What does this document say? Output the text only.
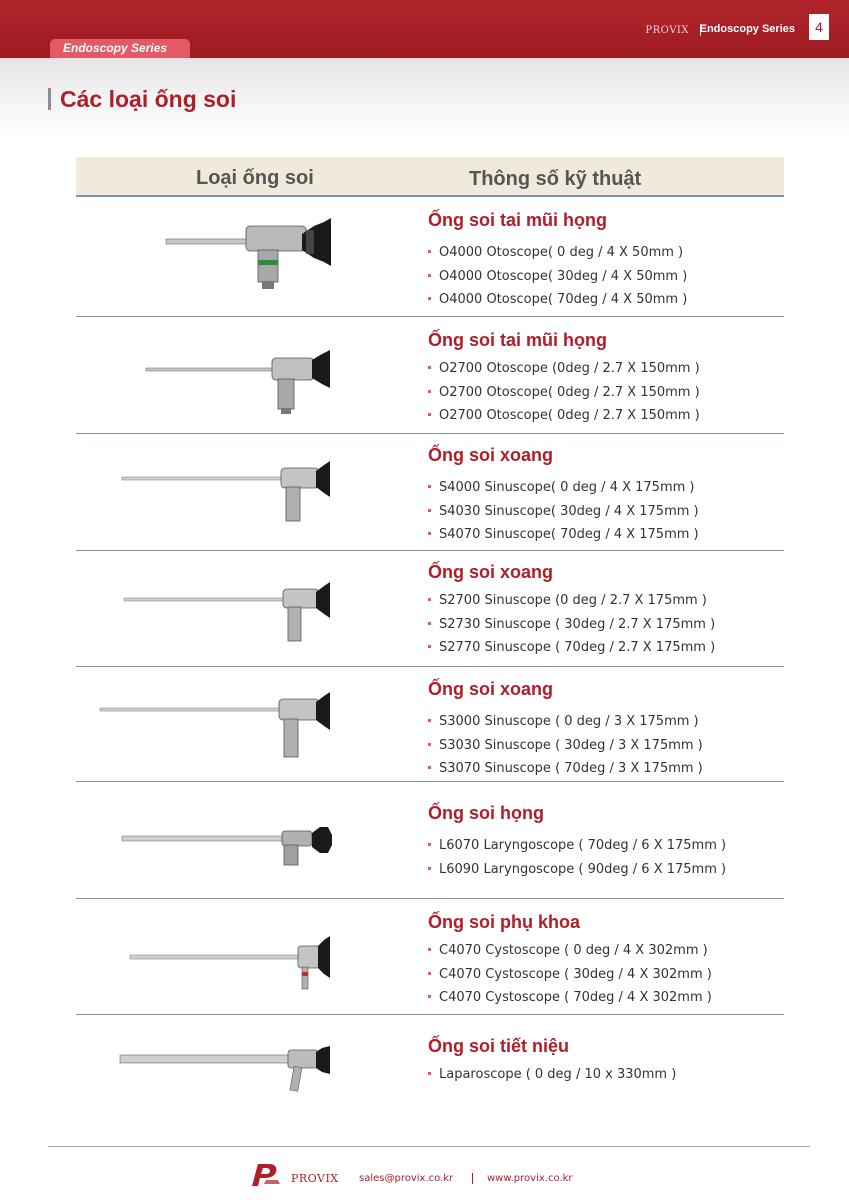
PROVIX Endoscopy Series	4
Endoscopy Series
Các loại ống soi
Loại ống soi	Thông số kỹ thuật
Ống soi tai mũi họng
O4000 Otoscope( 0 deg / 4 X 50mm )
O4000 Otoscope( 30deg / 4 X 50mm )
O4000 Otoscope( 70deg / 4 X 50mm )
Ống soi tai mũi họng
O2700 Otoscope (0deg / 2.7 X 150mm )
O2700 Otoscope( 0deg / 2.7 X 150mm )
O2700 Otoscope( 0deg / 2.7 X 150mm )
Ống soi xoang
S4000 Sinuscope( 0 deg / 4 X 175mm )
S4030 Sinuscope( 30deg / 4 X 175mm )
S4070 Sinuscope( 70deg / 4 X 175mm )
Ống soi xoang
S2700 Sinuscope (0 deg / 2.7 X 175mm )
S2730 Sinuscope ( 30deg / 2.7 X 175mm )
S2770 Sinuscope ( 70deg / 2.7 X 175mm )
Ống soi xoang
S3000 Sinuscope ( 0 deg / 3 X 175mm )
S3030 Sinuscope ( 30deg / 3 X 175mm )
S3070 Sinuscope ( 70deg / 3 X 175mm )
Ống soi họng
L6070 Laryngoscope ( 70deg / 6 X 175mm )
L6090 Laryngoscope ( 90deg / 6 X 175mm )
Ống soi phụ khoa
C4070 Cystoscope ( 0 deg / 4 X 302mm )
C4070 Cystoscope ( 30deg / 4 X 302mm )
C4070 Cystoscope ( 70deg / 4 X 302mm )
Ống soi tiết niệu
Laparoscope ( 0 deg / 10 x 330mm )
PROVIX sales@provix.co.kr	www.provix.co.kr
